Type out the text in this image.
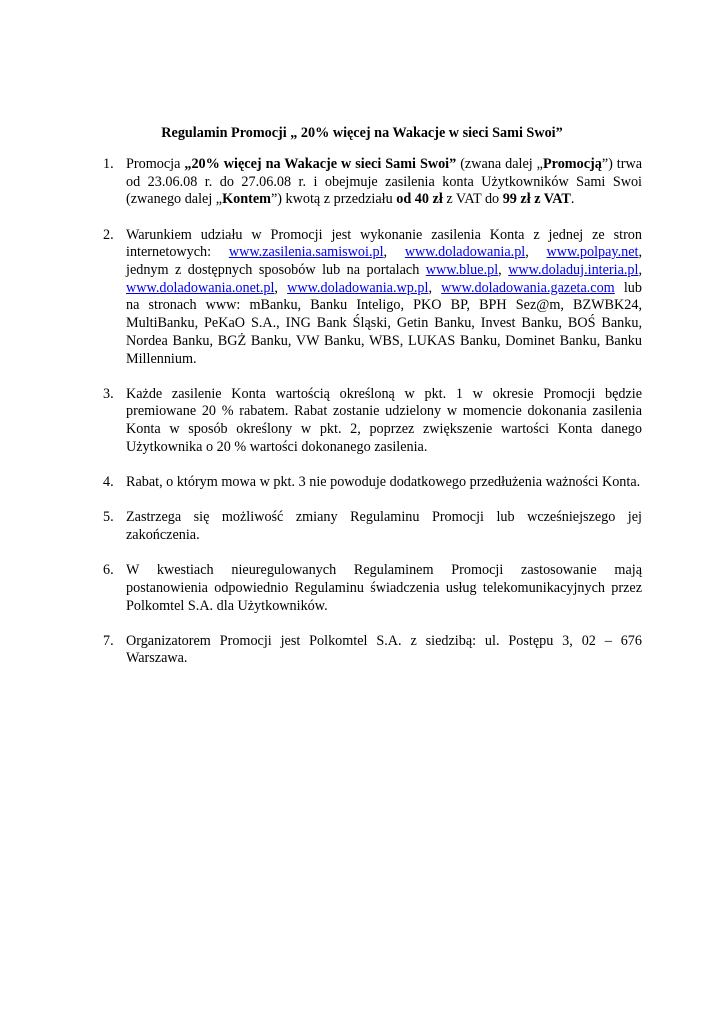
Regulamin Promocji „ 20% więcej na Wakacje w sieci Sami Swoi”
1. Promocja „20% więcej na Wakacje w sieci Sami Swoi” (zwana dalej „Promocją”) trwa od 23.06.08 r. do 27.06.08 r. i obejmuje zasilenia konta Użytkowników Sami Swoi (zwanego dalej „Kontem”) kwotą z przedziału od 40 zł z VAT do 99 zł z VAT.
2. Warunkiem udziału w Promocji jest wykonanie zasilenia Konta z jednej ze stron internetowych: www.zasilenia.samiswoi.pl, www.doladowania.pl, www.polpay.net, jednym z dostępnych sposobów lub na portalach www.blue.pl, www.doladuj.interia.pl, www.doladowania.onet.pl, www.doladowania.wp.pl, www.doladowania.gazeta.com lub na stronach www: mBanku, Banku Inteligo, PKO BP, BPH Sez@m, BZWBK24, MultiBanku, PeKaO S.A., ING Bank Śląski, Getin Banku, Invest Banku, BOŚ Banku, Nordea Banku, BGŻ Banku, VW Banku, WBS, LUKAS Banku, Dominet Banku, Banku Millennium.
3. Każde zasilenie Konta wartością określoną w pkt. 1 w okresie Promocji będzie premiowane 20 % rabatem. Rabat zostanie udzielony w momencie dokonania zasilenia Konta w sposób określony w pkt. 2, poprzez zwiększenie wartości Konta danego Użytkownika o 20 % wartości dokonanego zasilenia.
4. Rabat, o którym mowa w pkt. 3 nie powoduje dodatkowego przedłużenia ważności Konta.
5. Zastrzega się możliwość zmiany Regulaminu Promocji lub wcześniejszego jej zakończenia.
6. W kwestiach nieuregulowanych Regulaminem Promocji zastosowanie mają postanowienia odpowiednio Regulaminu świadczenia usług telekomunikacyjnych przez Polkomtel S.A. dla Użytkowników.
7. Organizatorem Promocji jest Polkomtel S.A. z siedzibą: ul. Postępu 3, 02 – 676 Warszawa.
